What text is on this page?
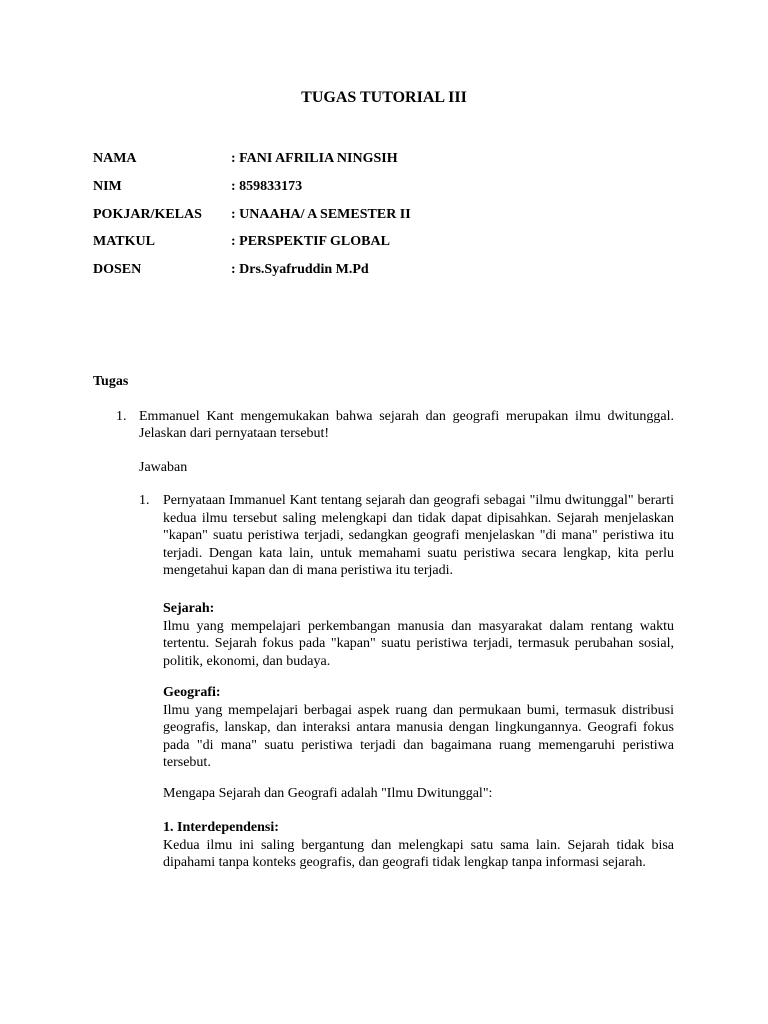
TUGAS TUTORIAL III
NAMA	: FANI AFRILIA NINGSIH
NIM	: 859833173
POKJAR/KELAS : UNAAHA/ A SEMESTER II
MATKUL	: PERSPEKTIF GLOBAL
DOSEN	: Drs.Syafruddin M.Pd
Tugas
1. Emmanuel Kant mengemukakan bahwa sejarah dan geografi merupakan ilmu dwitunggal. Jelaskan dari pernyataan tersebut!
Jawaban
1. Pernyataan Immanuel Kant tentang sejarah dan geografi sebagai "ilmu dwitunggal" berarti kedua ilmu tersebut saling melengkapi dan tidak dapat dipisahkan. Sejarah menjelaskan "kapan" suatu peristiwa terjadi, sedangkan geografi menjelaskan "di mana" peristiwa itu terjadi. Dengan kata lain, untuk memahami suatu peristiwa secara lengkap, kita perlu mengetahui kapan dan di mana peristiwa itu terjadi.
Sejarah:
Ilmu yang mempelajari perkembangan manusia dan masyarakat dalam rentang waktu tertentu. Sejarah fokus pada "kapan" suatu peristiwa terjadi, termasuk perubahan sosial, politik, ekonomi, dan budaya.
Geografi:
Ilmu yang mempelajari berbagai aspek ruang dan permukaan bumi, termasuk distribusi geografis, lanskap, dan interaksi antara manusia dengan lingkungannya. Geografi fokus pada "di mana" suatu peristiwa terjadi dan bagaimana ruang memengaruhi peristiwa tersebut.
Mengapa Sejarah dan Geografi adalah "Ilmu Dwitunggal":
1. Interdependensi:
Kedua ilmu ini saling bergantung dan melengkapi satu sama lain. Sejarah tidak bisa dipahami tanpa konteks geografis, dan geografi tidak lengkap tanpa informasi sejarah.
